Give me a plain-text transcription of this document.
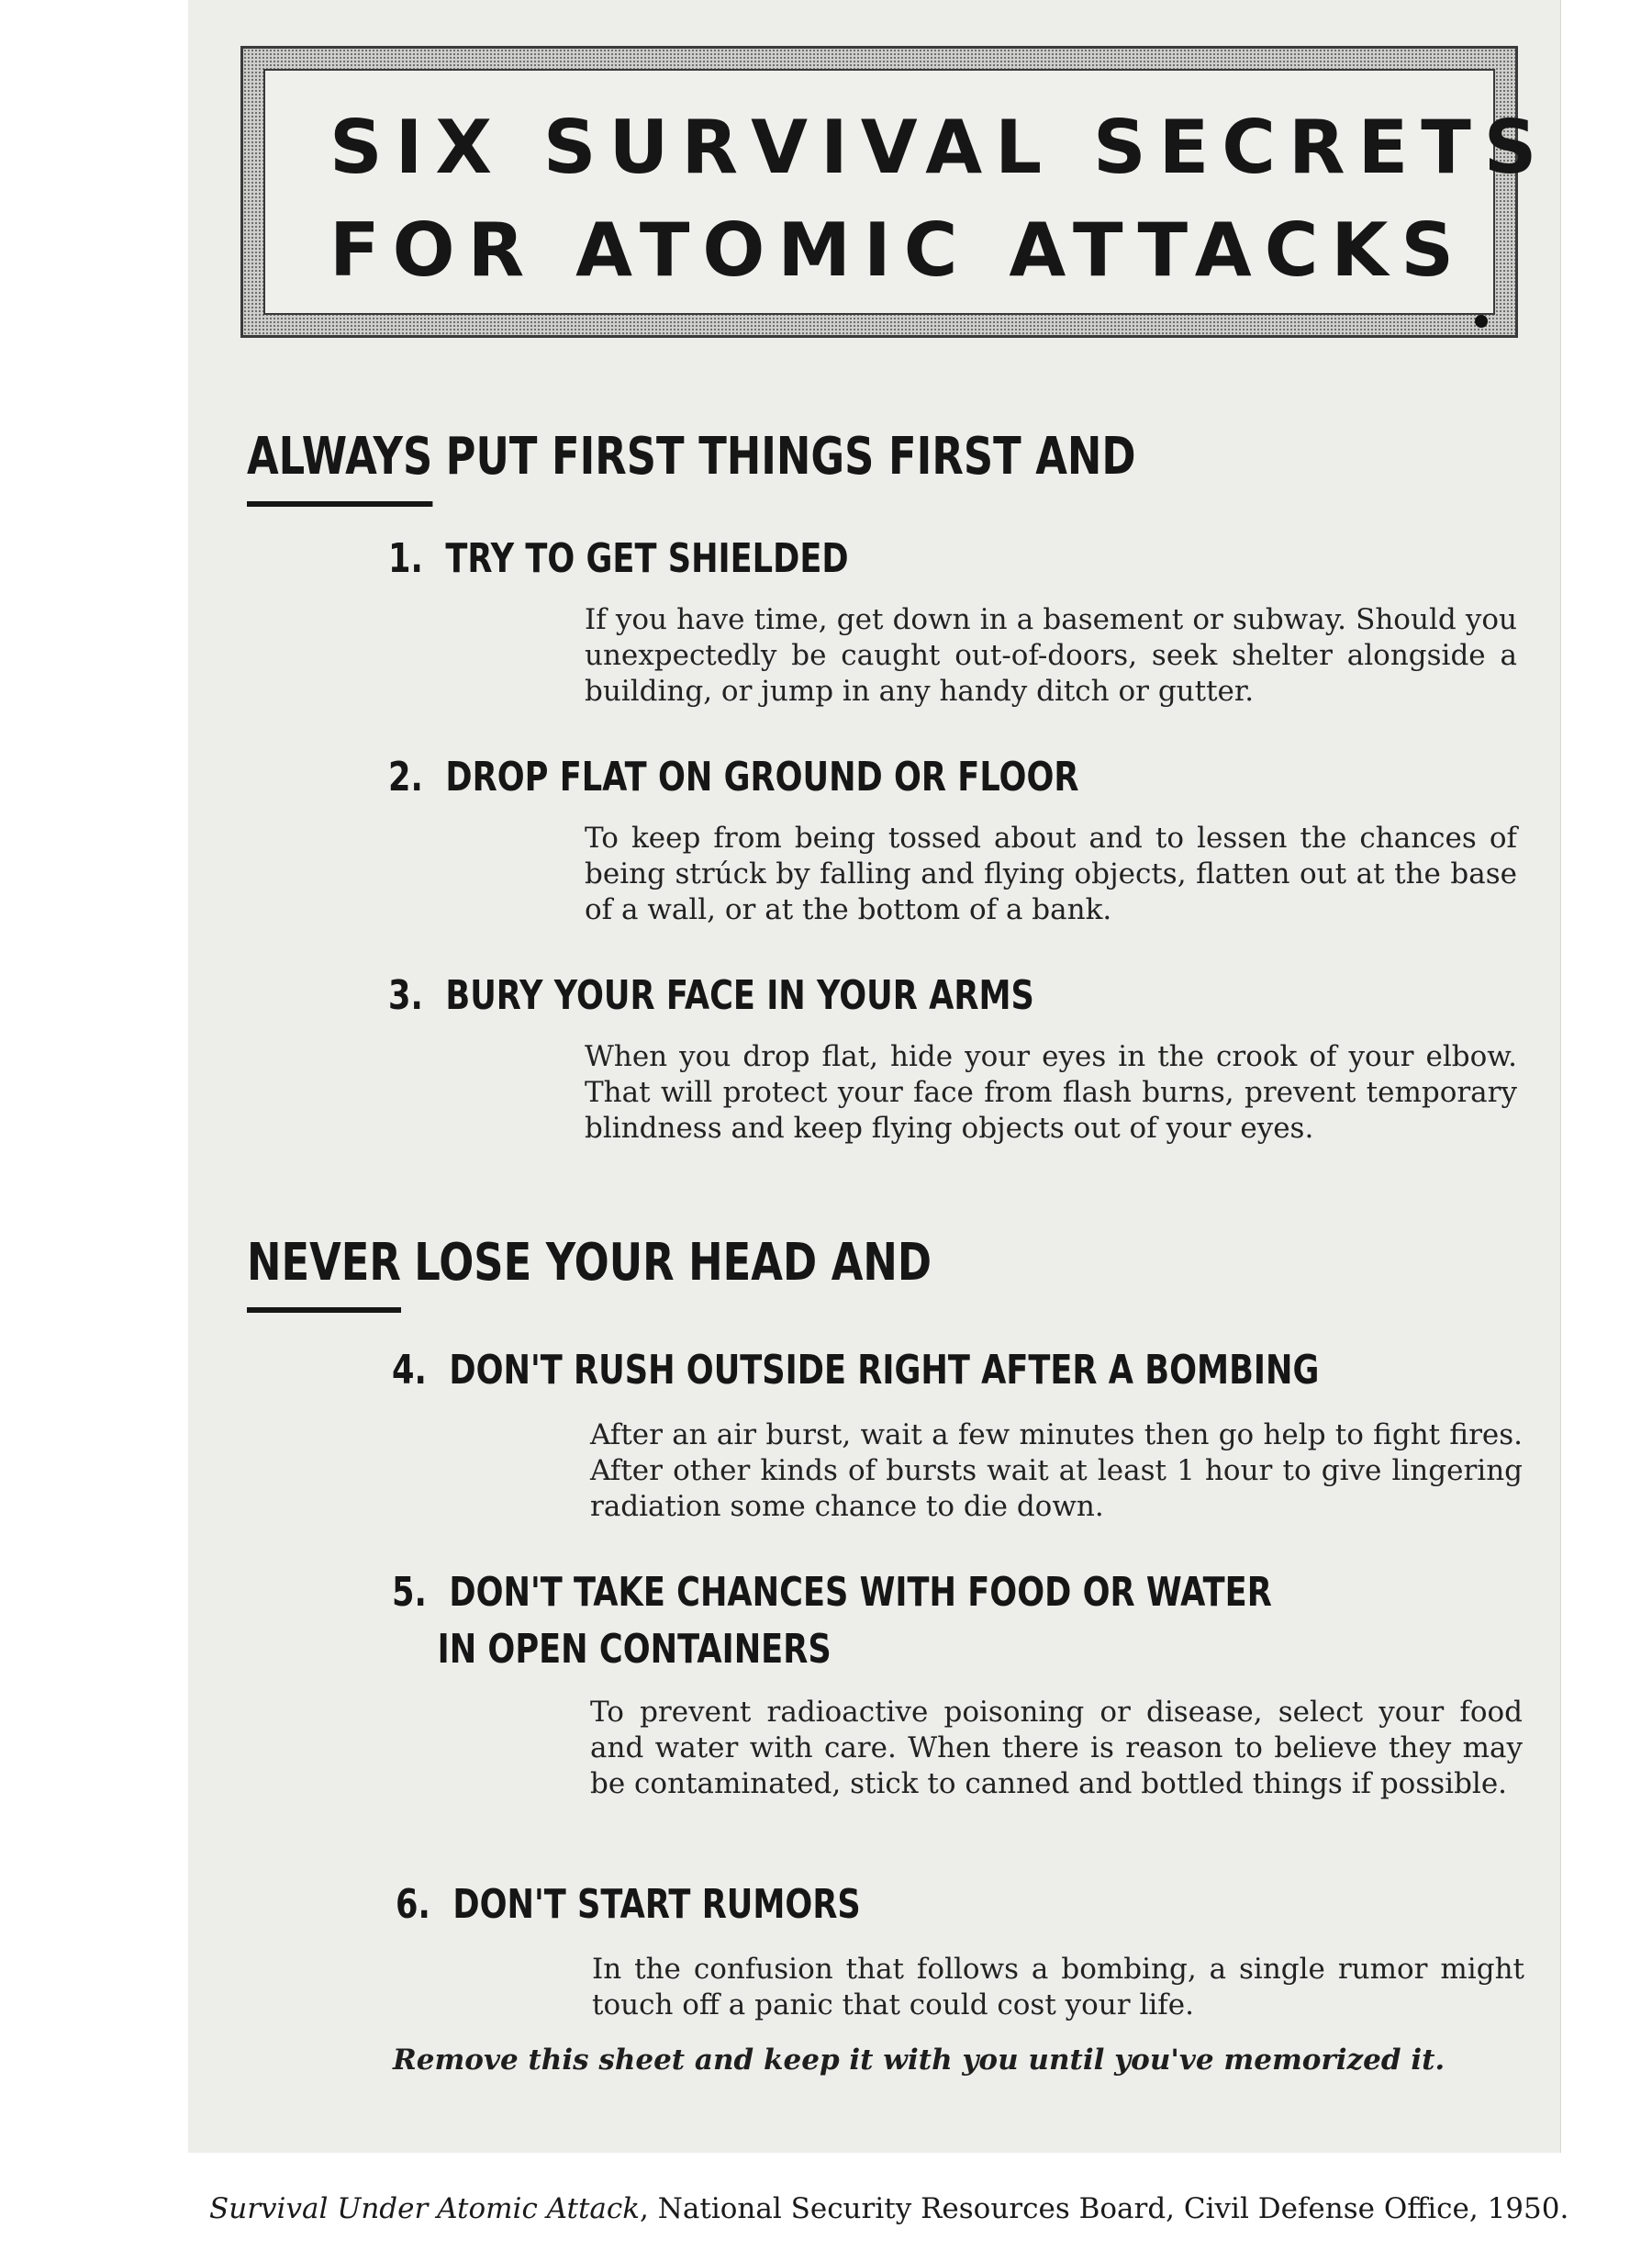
SIX SURVIVAL SECRETS
FOR ATOMIC ATTACKS
ALWAYS PUT FIRST THINGS FIRST AND
1. TRY TO GET SHIELDED
If you have time, get down in a basement or subway. Should you unexpectedly be caught out-of-doors, seek shelter alongside a building, or jump in any handy ditch or gutter.
2. DROP FLAT ON GROUND OR FLOOR
To keep from being tossed about and to lessen the chances of being strúck by falling and flying objects, flatten out at the base of a wall, or at the bottom of a bank.
3. BURY YOUR FACE IN YOUR ARMS
When you drop flat, hide your eyes in the crook of your elbow. That will protect your face from flash burns, prevent temporary blindness and keep flying objects out of your eyes.
NEVER LOSE YOUR HEAD AND
4. DON'T RUSH OUTSIDE RIGHT AFTER A BOMBING
After an air burst, wait a few minutes then go help to fight fires. After other kinds of bursts wait at least 1 hour to give lingering radiation some chance to die down.
5. DON'T TAKE CHANCES WITH FOOD OR WATER
IN OPEN CONTAINERS
To prevent radioactive poisoning or disease, select your food and water with care. When there is reason to believe they may be contaminated, stick to canned and bottled things if possible.
6. DON'T START RUMORS
In the confusion that follows a bombing, a single rumor might touch off a panic that could cost your life.
Remove this sheet and keep it with you until you've memorized it.
Survival Under Atomic Attack, National Security Resources Board, Civil Defense Office, 1950.
